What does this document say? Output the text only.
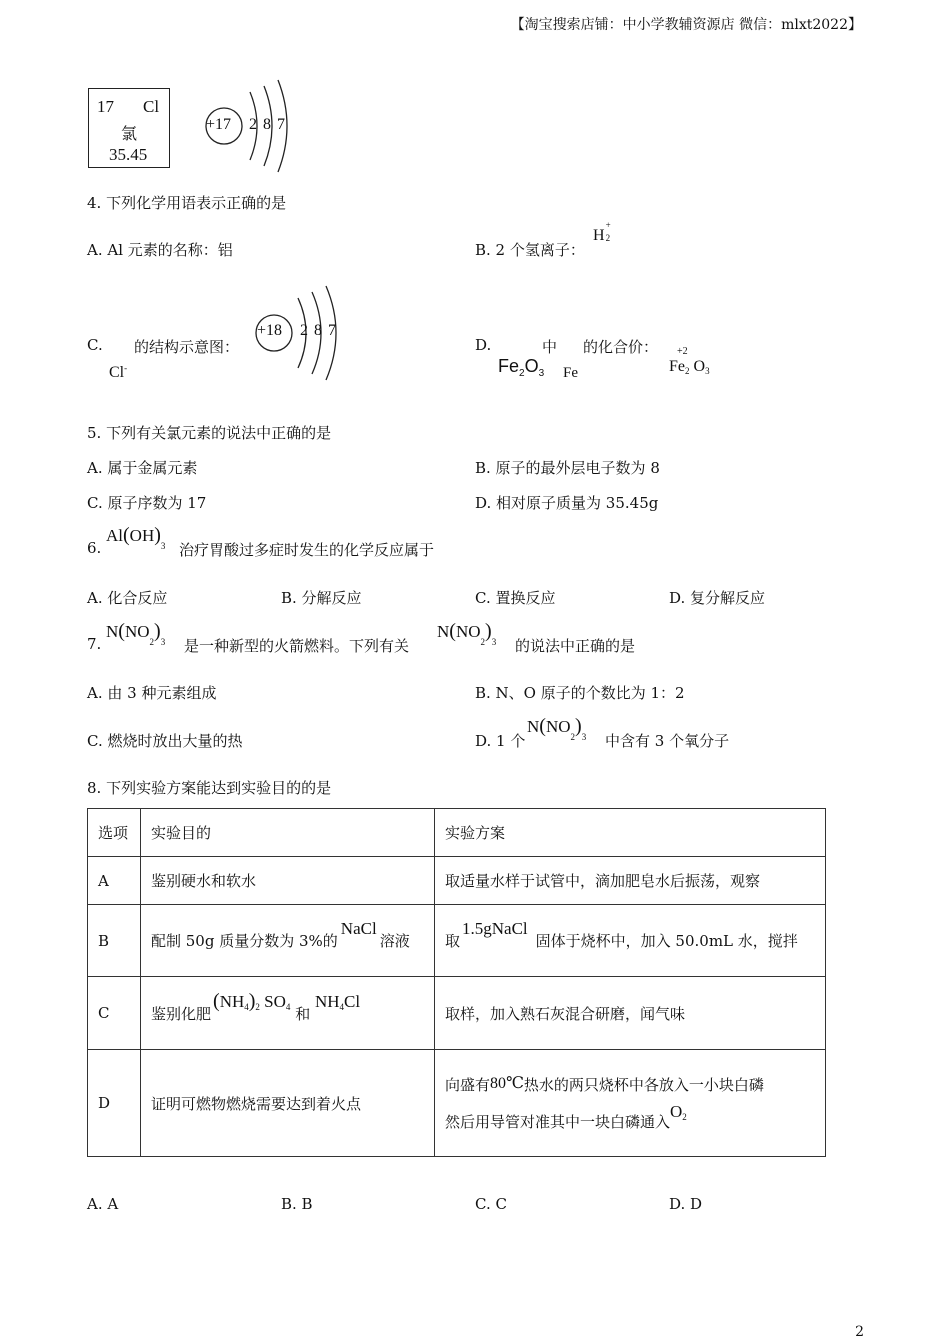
【淘宝搜索店铺：中小学教辅资源店 微信：mlxt2022】
17 Cl
氯
35.45
+17 2 8 7
4. 下列化学用语表示正确的是
A. Al 元素的名称：铝	B. 2 个氢离子：
H
+
2
C. 的结构示意图：
Cl-
+18 2 8 7
D.	中 的化合价：
$Fe_2O_3$ Fe
+2
$Fe_2$ $O_3$
5. 下列有关氯元素的说法中正确的是
A. 属于金属元素	B. 原子的最外层电子数为 8
C. 原子序数为 17	D. 相对原子质量为 35.45g
6.
$Al(OH)_3$ 治疗胃酸过多症时发生的化学反应属于
A. 化合反应	B. 分解反应	C. 置换反应	D. 复分解反应
7.
$N(NO_2)_3$ 是一种新型的火箭燃料。下列有关
$N(NO_2)_3$ 的说法中正确的是
A. 由 3 种元素组成	B. N、O 原子的个数比为 1：2
C. 燃烧时放出大量的热	D. 1 个
$N(NO_2)_3$ 中含有 3 个氧分子
8. 下列实验方案能达到实验目的的是
选项	实验目的	实验方案
A	鉴别硬水和软水	取适量水样于试管中，滴加肥皂水后振荡，观察
B	配制 50g 质量分数为 3%的NaCl溶液	取1.5gNaCl固体于烧杯中，加入 50.0mL 水，搅拌
C	鉴别化肥$(NH_4)_2$ $SO_4$ 和 $NH_4Cl$	取样，加入熟石灰混合研磨，闻气味
D	证明可燃物燃烧需要达到着火点	向盛有80℃热水的两只烧杯中各放入一小块白磷
然后用导管对准其中一块白磷通入$O_2$
A. A	B. B	C. C	D. D
2
